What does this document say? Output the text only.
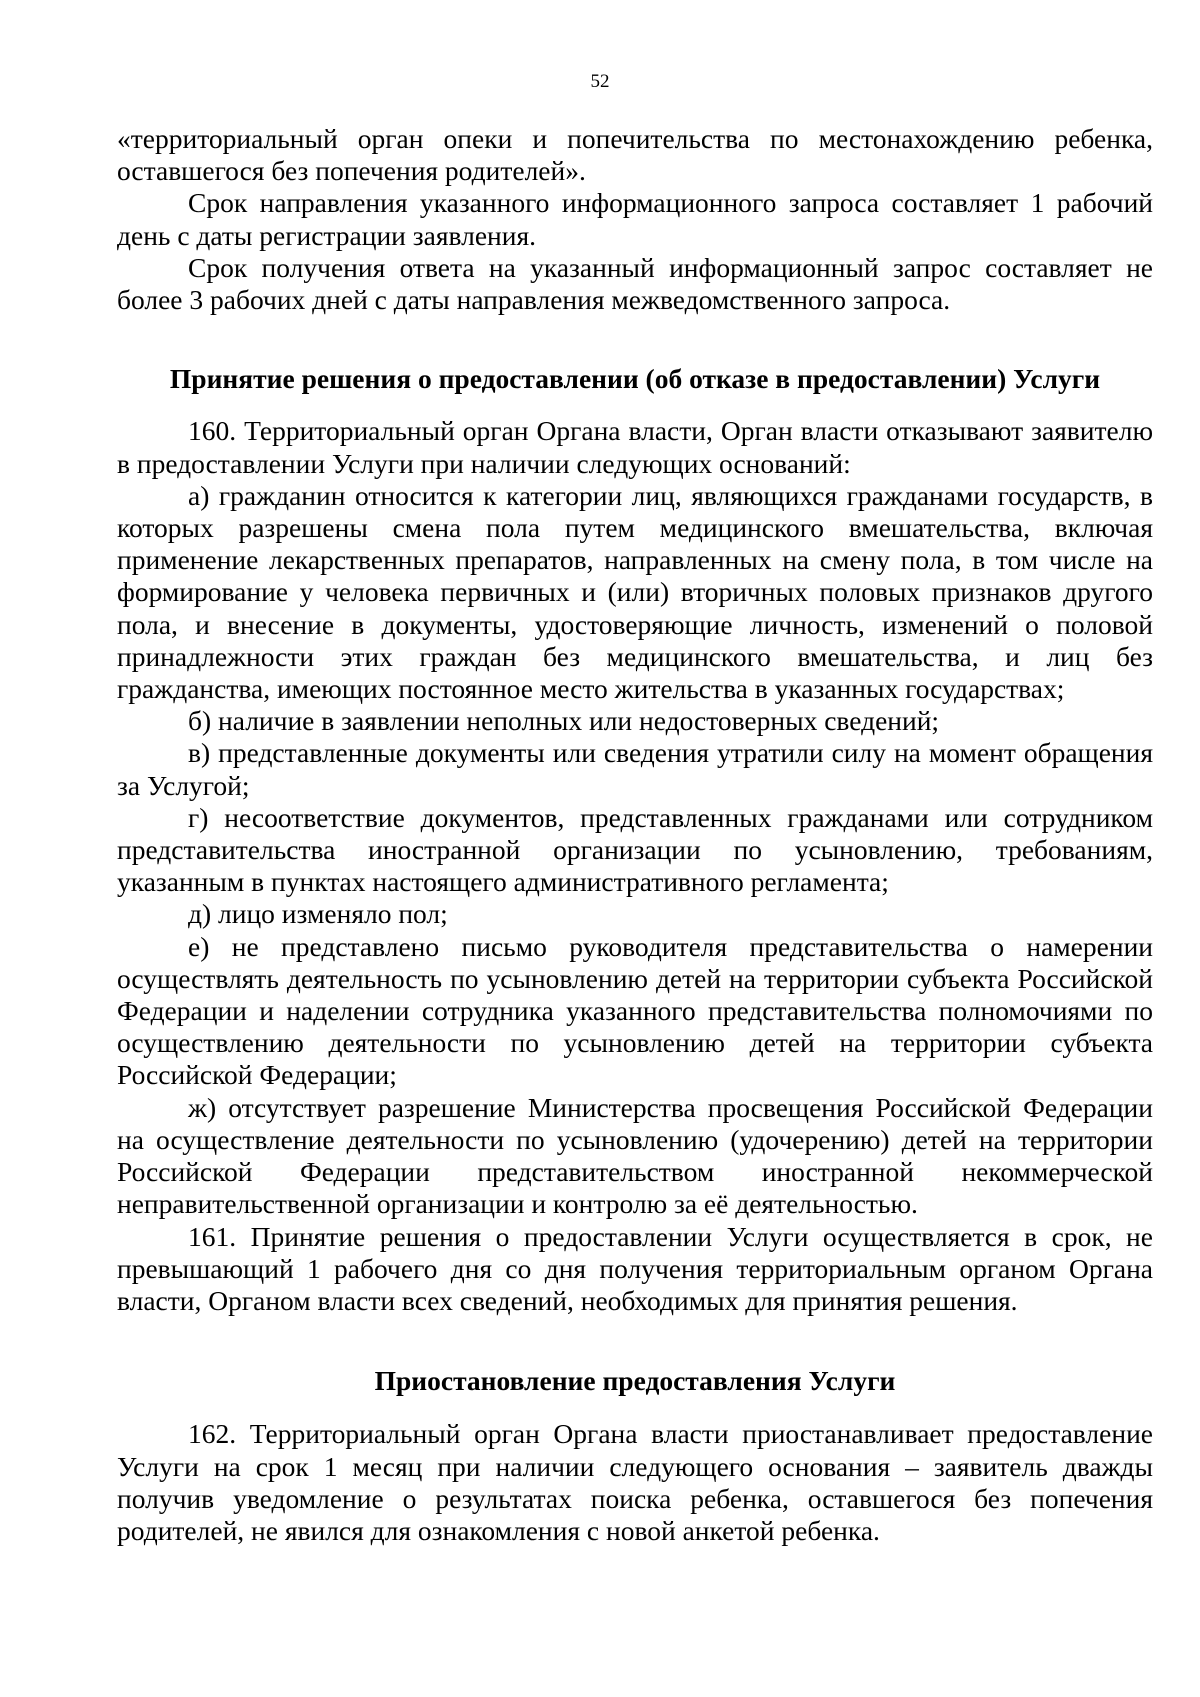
52

«территориальный орган опеки и попечительства по местонахождению ребенка, оставшегося без попечения родителей».

Срок направления указанного информационного запроса составляет 1 рабочий день с даты регистрации заявления.

Срок получения ответа на указанный информационный запрос составляет не более 3 рабочих дней с даты направления межведомственного запроса.

Принятие решения о предоставлении (об отказе в предоставлении) Услуги

160. Территориальный орган Органа власти, Орган власти отказывают заявителю в предоставлении Услуги при наличии следующих оснований:

а) гражданин относится к категории лиц, являющихся гражданами государств, в которых разрешены смена пола путем медицинского вмешательства, включая применение лекарственных препаратов, направленных на смену пола, в том числе на формирование у человека первичных и (или) вторичных половых признаков другого пола, и внесение в документы, удостоверяющие личность, изменений о половой принадлежности этих граждан без медицинского вмешательства, и лиц без гражданства, имеющих постоянное место жительства в указанных государствах;

б) наличие в заявлении неполных или недостоверных сведений;

в) представленные документы или сведения утратили силу на момент обращения за Услугой;

г) несоответствие документов, представленных гражданами или сотрудником представительства иностранной организации по усыновлению, требованиям, указанным в пунктах настоящего административного регламента;

д) лицо изменяло пол;

е) не представлено письмо руководителя представительства о намерении осуществлять деятельность по усыновлению детей на территории субъекта Российской Федерации и наделении сотрудника указанного представительства полномочиями по осуществлению деятельности по усыновлению детей на территории субъекта Российской Федерации;

ж) отсутствует разрешение Министерства просвещения Российской Федерации на осуществление деятельности по усыновлению (удочерению) детей на территории Российской Федерации представительством иностранной некоммерческой неправительственной организации и контролю за её деятельностью.

161. Принятие решения о предоставлении Услуги осуществляется в срок, не превышающий 1 рабочего дня со дня получения территориальным органом Органа власти, Органом власти всех сведений, необходимых для принятия решения.

Приостановление предоставления Услуги

162. Территориальный орган Органа власти приостанавливает предоставление Услуги на срок 1 месяц при наличии следующего основания – заявитель дважды получив уведомление о результатах поиска ребенка, оставшегося без попечения родителей, не явился для ознакомления с новой анкетой ребенка.
